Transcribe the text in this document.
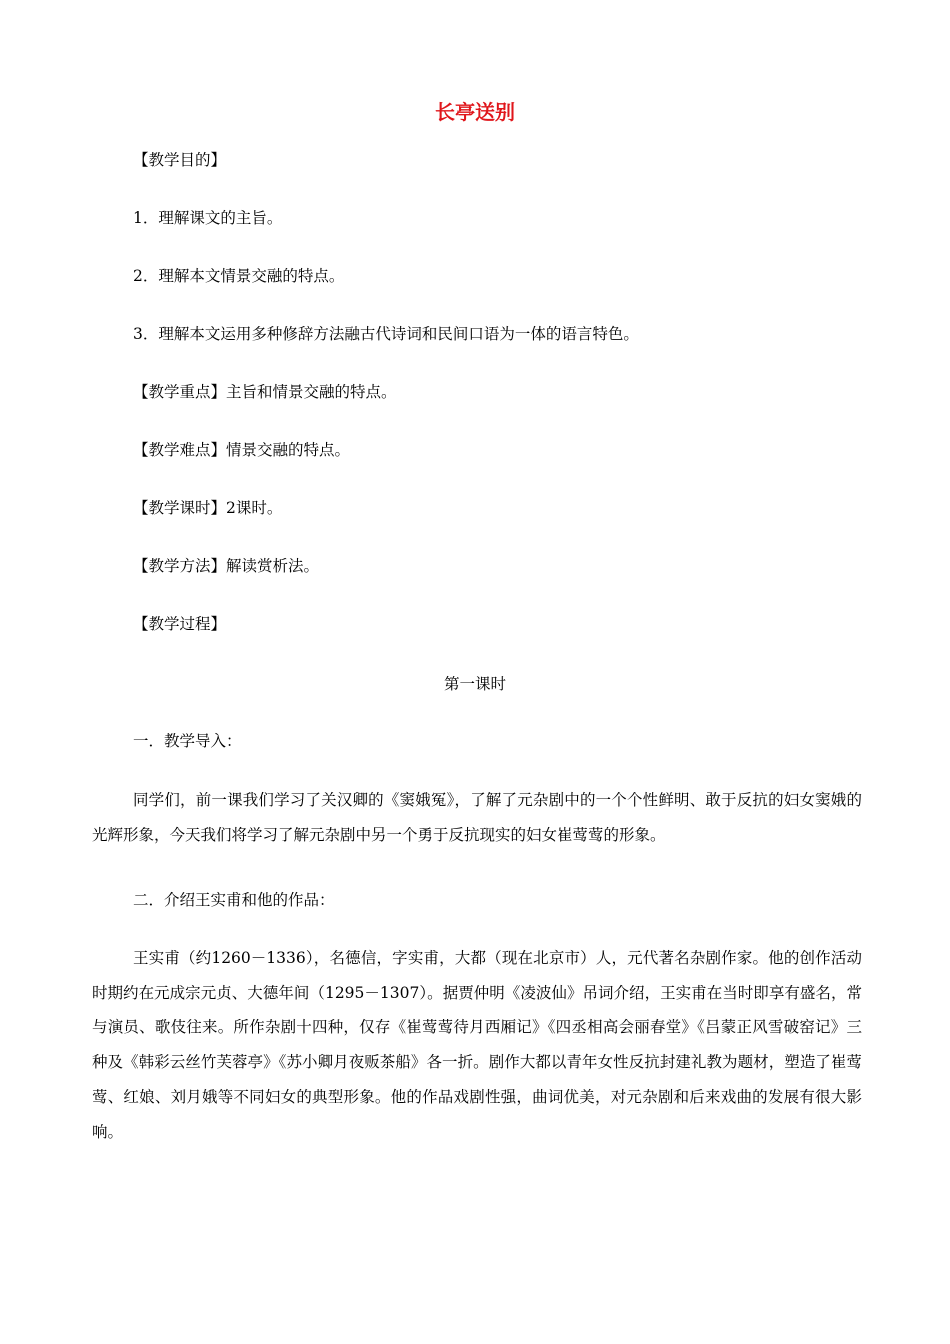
长亭送别
【教学目的】
1．理解课文的主旨。
2．理解本文情景交融的特点。
3．理解本文运用多种修辞方法融古代诗词和民间口语为一体的语言特色。
【教学重点】主旨和情景交融的特点。
【教学难点】情景交融的特点。
【教学课时】2课时。
【教学方法】解读赏析法。
【教学过程】
第一课时
一．教学导入：

同学们，前一课我们学习了关汉卿的《窦娥冤》，了解了元杂剧中的一个个性鲜明、敢于反抗的妇女窦娥的光辉形象，今天我们将学习了解元杂剧中另一个勇于反抗现实的妇女崔莺莺的形象。

二．介绍王实甫和他的作品：

王实甫（约1260－1336），名德信，字实甫，大都（现在北京市）人，元代著名杂剧作家。他的创作活动时期约在元成宗元贞、大德年间（1295－1307）。据贾仲明《凌波仙》吊词介绍，王实甫在当时即享有盛名，常与演员、歌伎往来。所作杂剧十四种，仅存《崔莺莺待月西厢记》《四丞相高会丽春堂》《吕蒙正风雪破窑记》三种及《韩彩云丝竹芙蓉亭》《苏小卿月夜贩茶船》各一折。剧作大都以青年女性反抗封建礼教为题材，塑造了崔莺莺、红娘、刘月娥等不同妇女的典型形象。他的作品戏剧性强，曲词优美，对元杂剧和后来戏曲的发展有很大影响。
